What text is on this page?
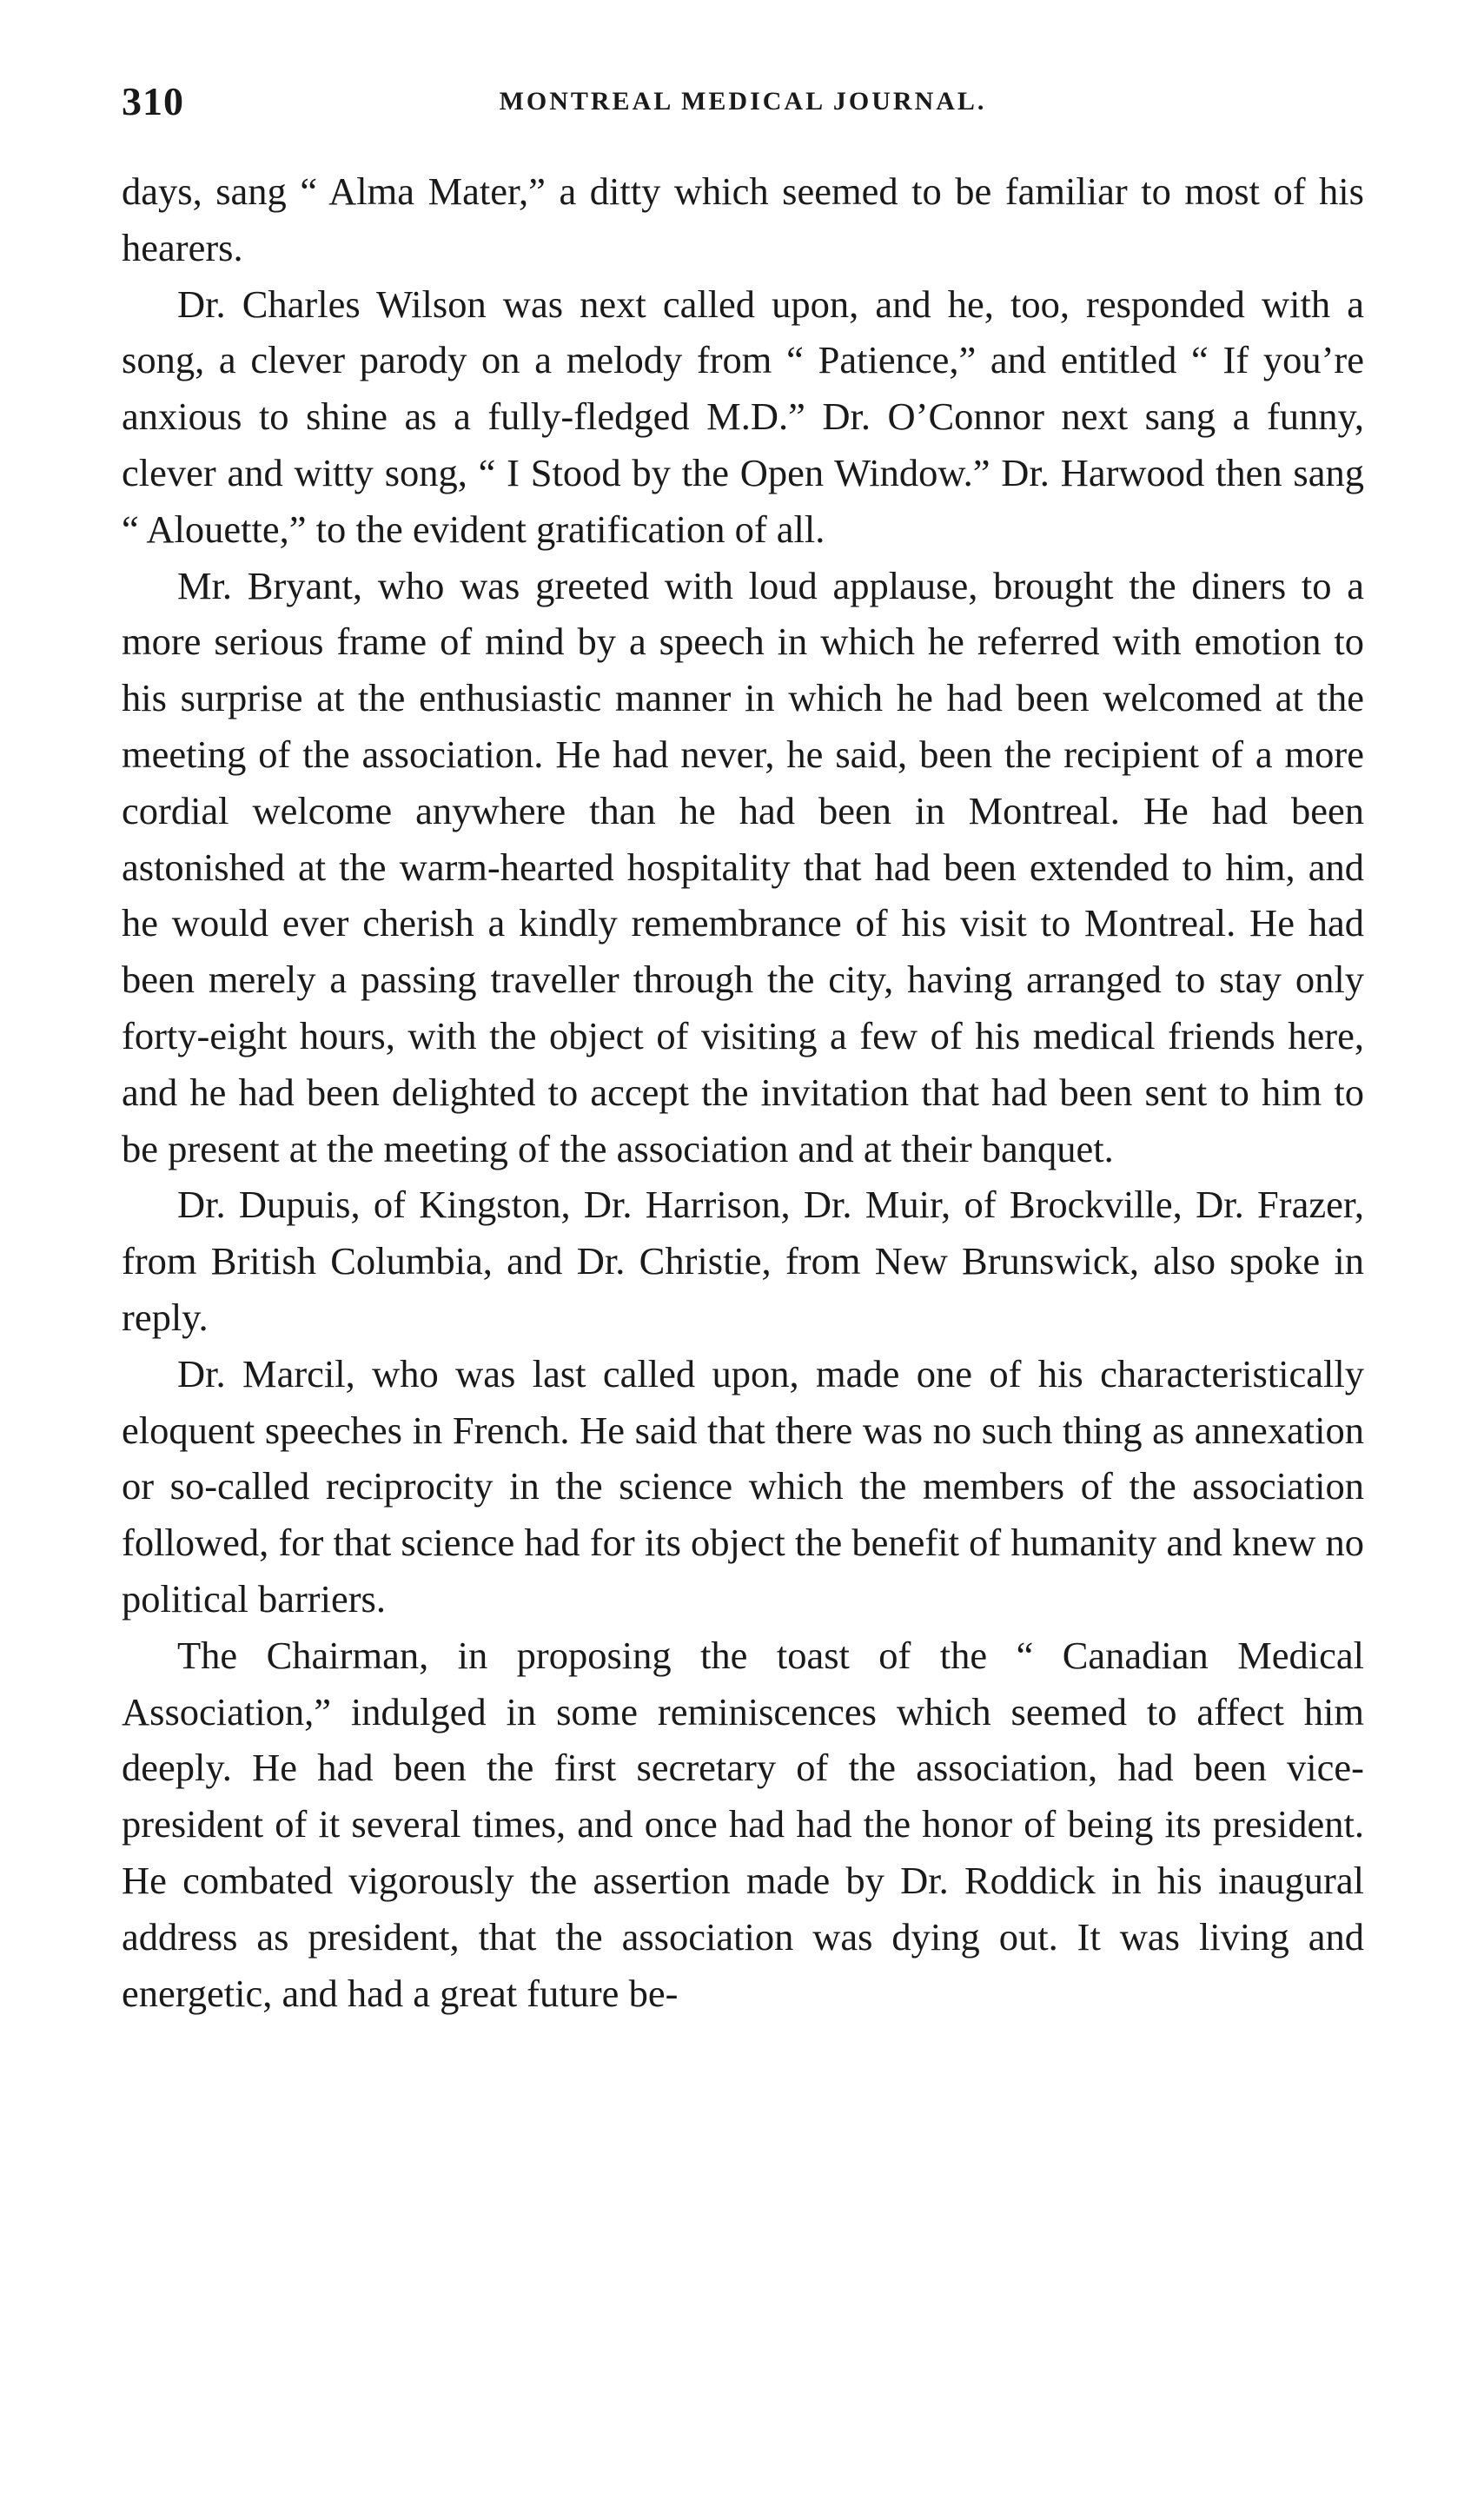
310	MONTREAL MEDICAL JOURNAL.

days, sang “ Alma Mater,” a ditty which seemed to be familiar to most of his hearers.

Dr. Charles Wilson was next called upon, and he, too, responded with a song, a clever parody on a melody from “ Patience,” and entitled “ If you’re anxious to shine as a fully-fledged M.D.” Dr. O’Connor next sang a funny, clever and witty song, “ I Stood by the Open Window.” Dr. Harwood then sang “ Alouette,” to the evident gratification of all.

Mr. Bryant, who was greeted with loud applause, brought the diners to a more serious frame of mind by a speech in which he referred with emotion to his surprise at the enthusiastic manner in which he had been welcomed at the meeting of the association. He had never, he said, been the recipient of a more cordial welcome anywhere than he had been in Montreal. He had been astonished at the warm-hearted hospitality that had been extended to him, and he would ever cherish a kindly remembrance of his visit to Montreal. He had been merely a passing traveller through the city, having arranged to stay only forty-eight hours, with the object of visiting a few of his medical friends here, and he had been delighted to accept the invitation that had been sent to him to be present at the meeting of the association and at their banquet.

Dr. Dupuis, of Kingston, Dr. Harrison, Dr. Muir, of Brockville, Dr. Frazer, from British Columbia, and Dr. Christie, from New Brunswick, also spoke in reply.

Dr. Marcil, who was last called upon, made one of his characteristically eloquent speeches in French. He said that there was no such thing as annexation or so-called reciprocity in the science which the members of the association followed, for that science had for its object the benefit of humanity and knew no political barriers.

The Chairman, in proposing the toast of the “ Canadian Medical Association,” indulged in some reminiscences which seemed to affect him deeply. He had been the first secretary of the association, had been vice-president of it several times, and once had had the honor of being its president. He combated vigorously the assertion made by Dr. Roddick in his inaugural address as president, that the association was dying out. It was living and energetic, and had a great future be-
